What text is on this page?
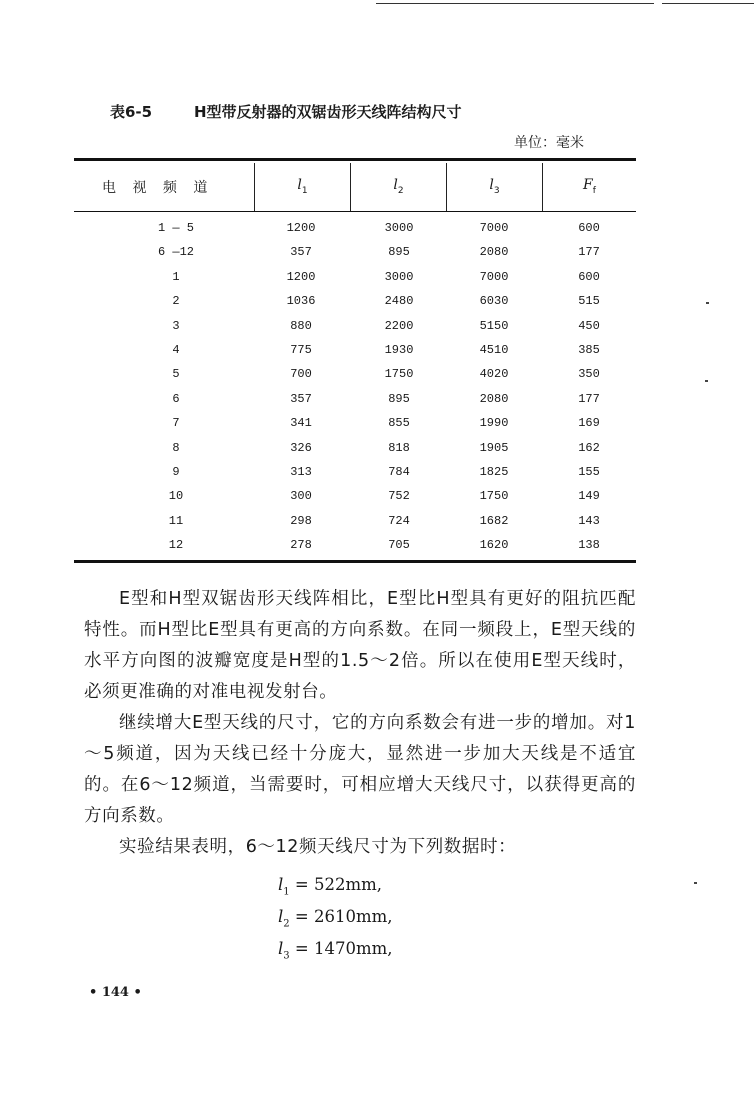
表6-5	H型带反射器的双锯齿形天线阵结构尺寸
单位：毫米
电 视 频 道	$l_1$	$l_2$	$l_3$	$F_f$
1 — 5	1200	3000	7000	600
6 —12	357	895	2080	177
1	1200	3000	7000	600
2	1036	2480	6030	515
3	880	2200	5150	450
4	775	1930	4510	385
5	700	1750	4020	350
6	357	895	2080	177
7	341	855	1990	169
8	326	818	1905	162
9	313	784	1825	155
10	300	752	1750	149
11	298	724	1682	143
12	278	705	1620	138

E型和H型双锯齿形天线阵相比，E型比H型具有更好的阻抗匹配特性。而H型比E型具有更高的方向系数。在同一频段上，E型天线的水平方向图的波瓣宽度是H型的1.5～2倍。所以在使用E型天线时，必须更准确的对准电视发射台。

继续增大E型天线的尺寸，它的方向系数会有进一步的增加。对1～5频道，因为天线已经十分庞大，显然进一步加大天线是不适宜的。在6～12频道，当需要时，可相应增大天线尺寸，以获得更高的方向系数。

实验结果表明，6～12频天线尺寸为下列数据时：

$l_1 = 522mm$,
$l_2 = 2610mm$,
$l_3 = 1470mm$,
• 144 •
